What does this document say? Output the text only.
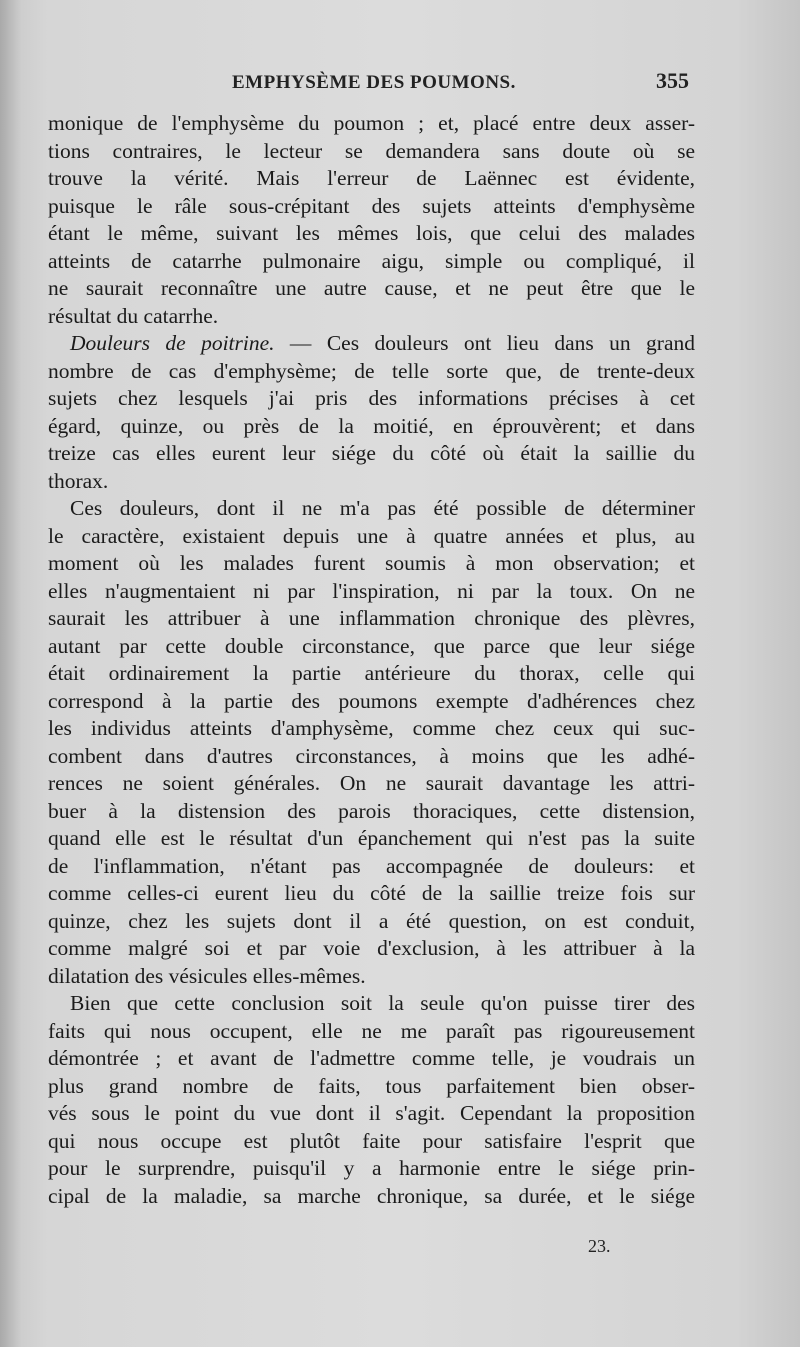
EMPHYSÈME DES POUMONS.	355
monique de l'emphysème du poumon ; et, placé entre deux asser-
tions contraires, le lecteur se demandera sans doute où se
trouve la vérité. Mais l'erreur de Laënnec est évidente,
puisque le râle sous-crépitant des sujets atteints d'emphysème
étant le même, suivant les mêmes lois, que celui des malades
atteints de catarrhe pulmonaire aigu, simple ou compliqué, il
ne saurait reconnaître une autre cause, et ne peut être que le
résultat du catarrhe.
Douleurs de poitrine. — Ces douleurs ont lieu dans un grand
nombre de cas d'emphysème; de telle sorte que, de trente-deux
sujets chez lesquels j'ai pris des informations précises à cet
égard, quinze, ou près de la moitié, en éprouvèrent; et dans
treize cas elles eurent leur siége du côté où était la saillie du
thorax.
Ces douleurs, dont il ne m'a pas été possible de déterminer
le caractère, existaient depuis une à quatre années et plus, au
moment où les malades furent soumis à mon observation; et
elles n'augmentaient ni par l'inspiration, ni par la toux. On ne
saurait les attribuer à une inflammation chronique des plèvres,
autant par cette double circonstance, que parce que leur siége
était ordinairement la partie antérieure du thorax, celle qui
correspond à la partie des poumons exempte d'adhérences chez
les individus atteints d'amphysème, comme chez ceux qui suc-
combent dans d'autres circonstances, à moins que les adhé-
rences ne soient générales. On ne saurait davantage les attri-
buer à la distension des parois thoraciques, cette distension,
quand elle est le résultat d'un épanchement qui n'est pas la suite
de l'inflammation, n'étant pas accompagnée de douleurs: et
comme celles-ci eurent lieu du côté de la saillie treize fois sur
quinze, chez les sujets dont il a été question, on est conduit,
comme malgré soi et par voie d'exclusion, à les attribuer à la
dilatation des vésicules elles-mêmes.
Bien que cette conclusion soit la seule qu'on puisse tirer des
faits qui nous occupent, elle ne me paraît pas rigoureusement
démontrée ; et avant de l'admettre comme telle, je voudrais un
plus grand nombre de faits, tous parfaitement bien obser-
vés sous le point du vue dont il s'agit. Cependant la proposition
qui nous occupe est plutôt faite pour satisfaire l'esprit que
pour le surprendre, puisqu'il y a harmonie entre le siége prin-
cipal de la maladie, sa marche chronique, sa durée, et le siége
23.
